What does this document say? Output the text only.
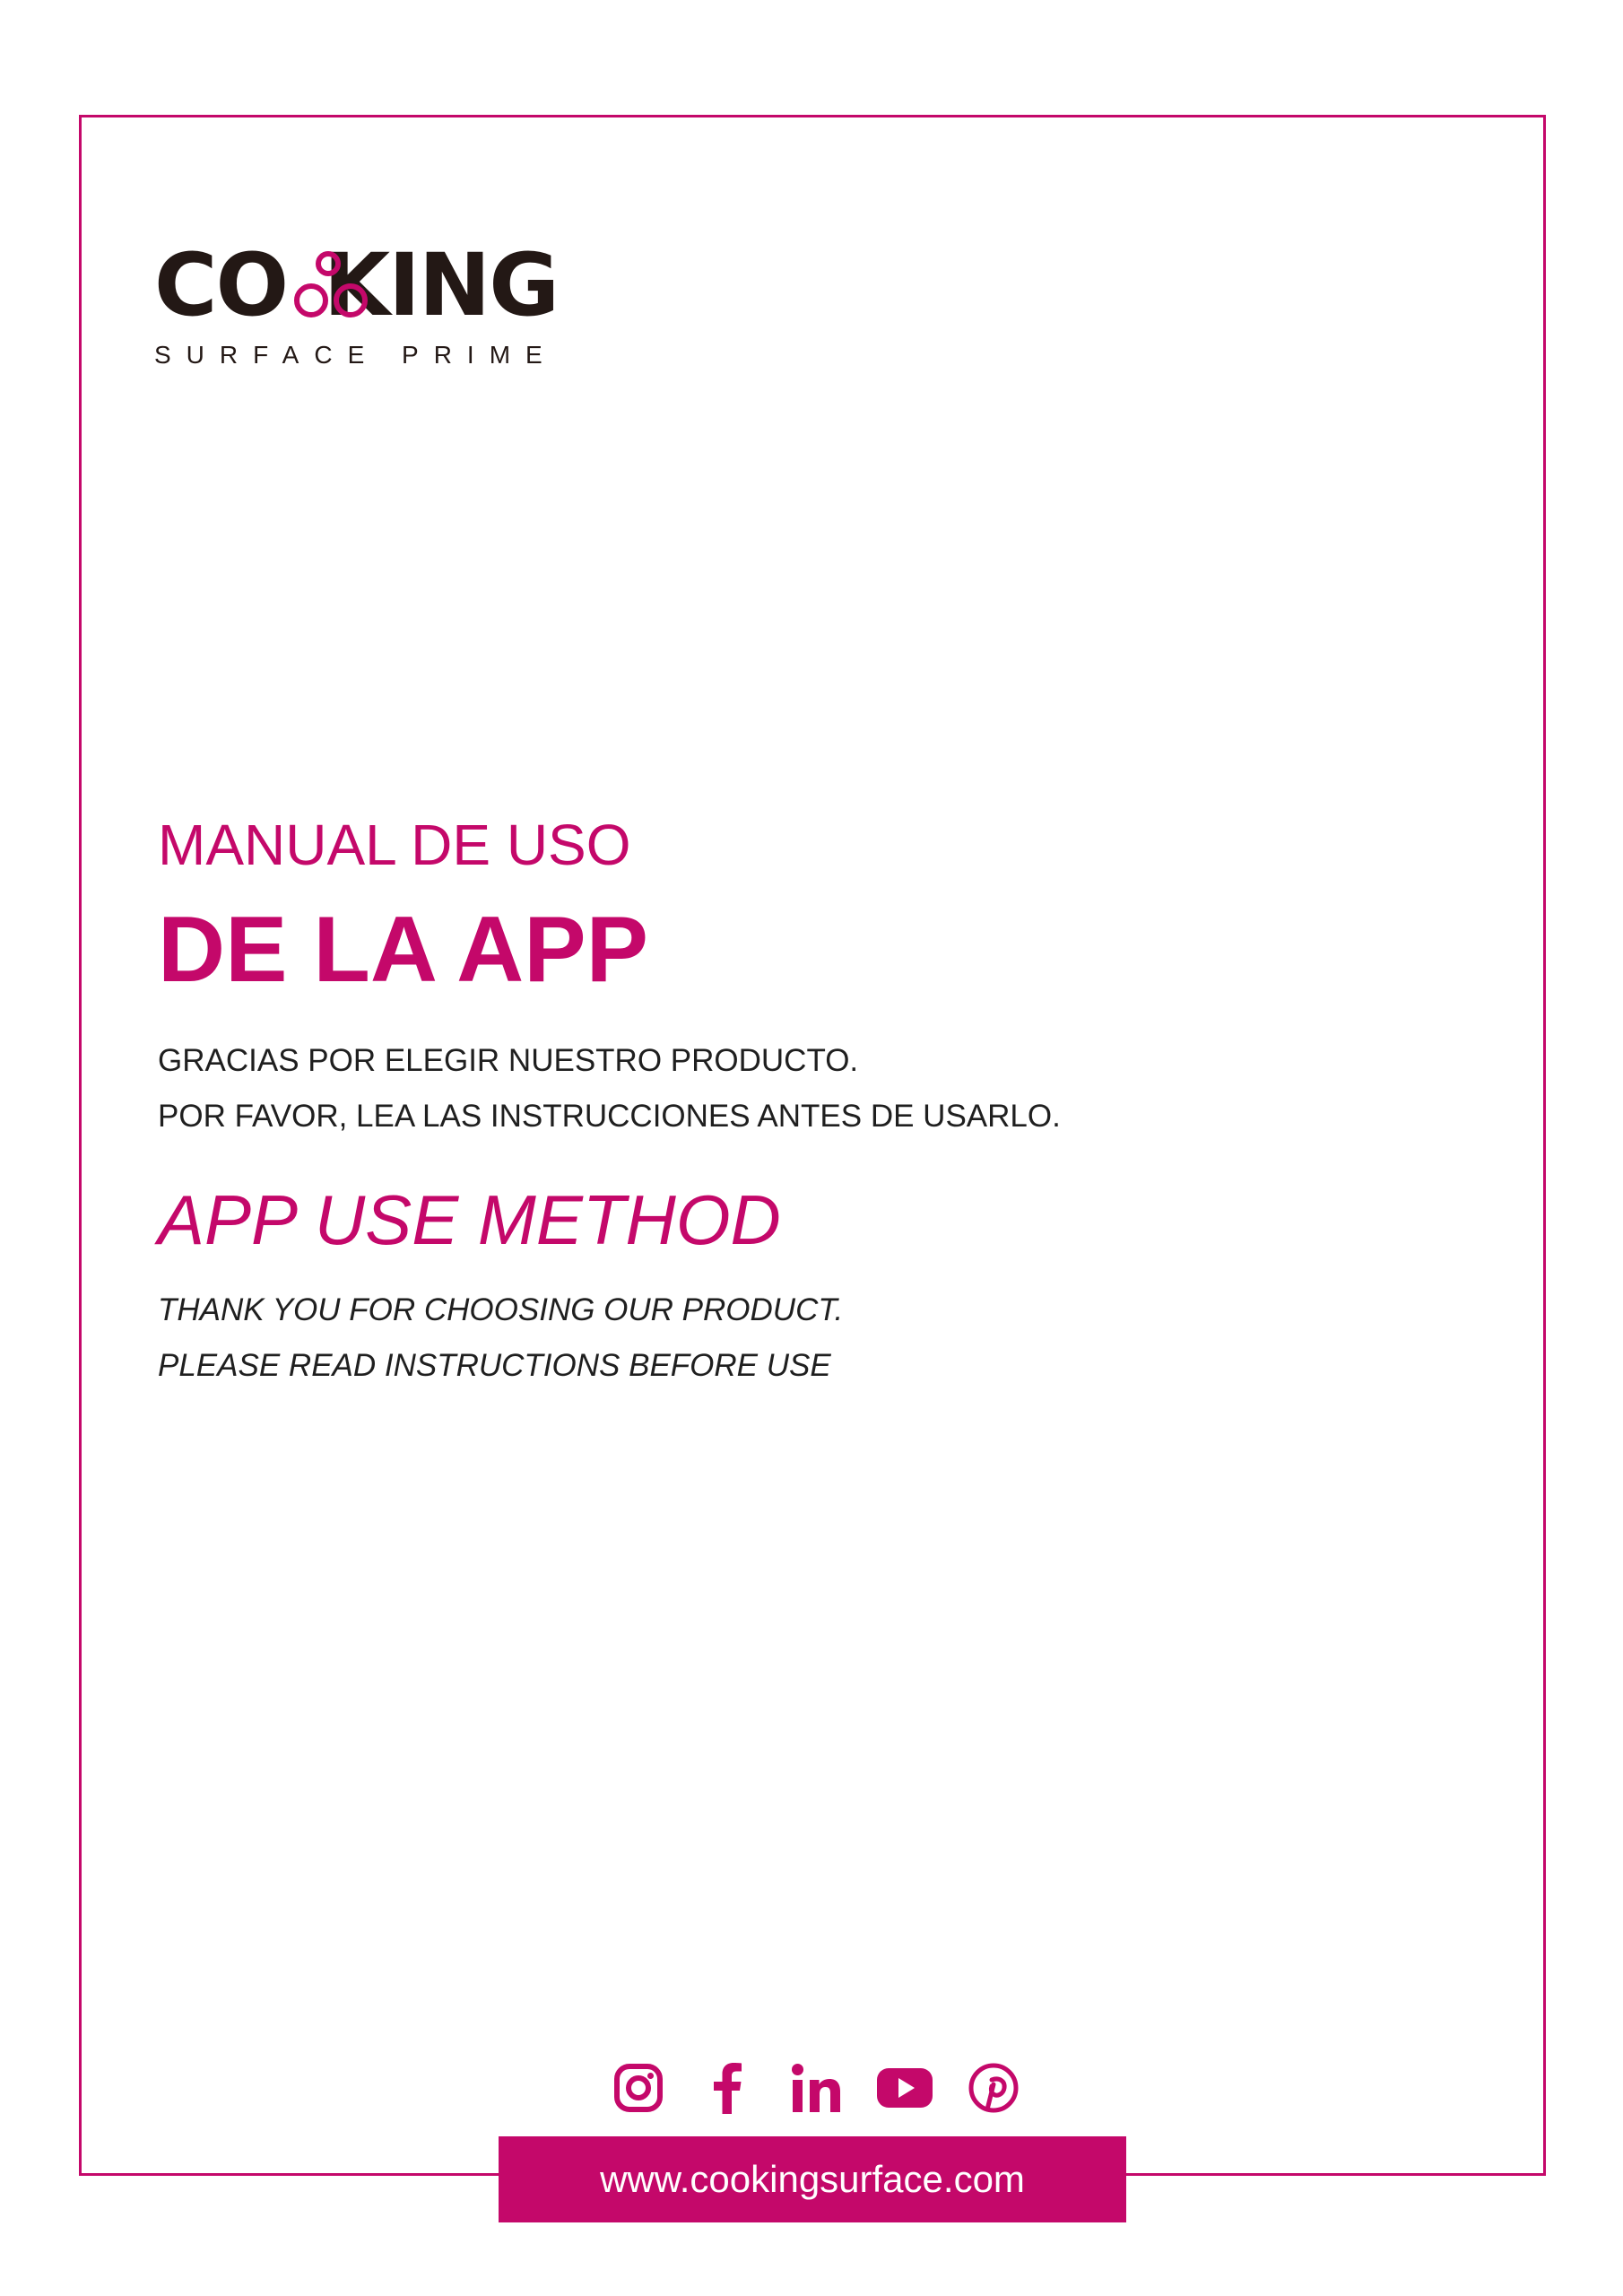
CO KING
SURFACE PRIME
MANUAL DE USO
DE LA APP
GRACIAS POR ELEGIR NUESTRO PRODUCTO.
POR FAVOR, LEA LAS INSTRUCCIONES ANTES DE USARLO.
APP USE METHOD
THANK YOU FOR CHOOSING OUR PRODUCT.
PLEASE READ INSTRUCTIONS BEFORE USE
www.cookingsurface.com
